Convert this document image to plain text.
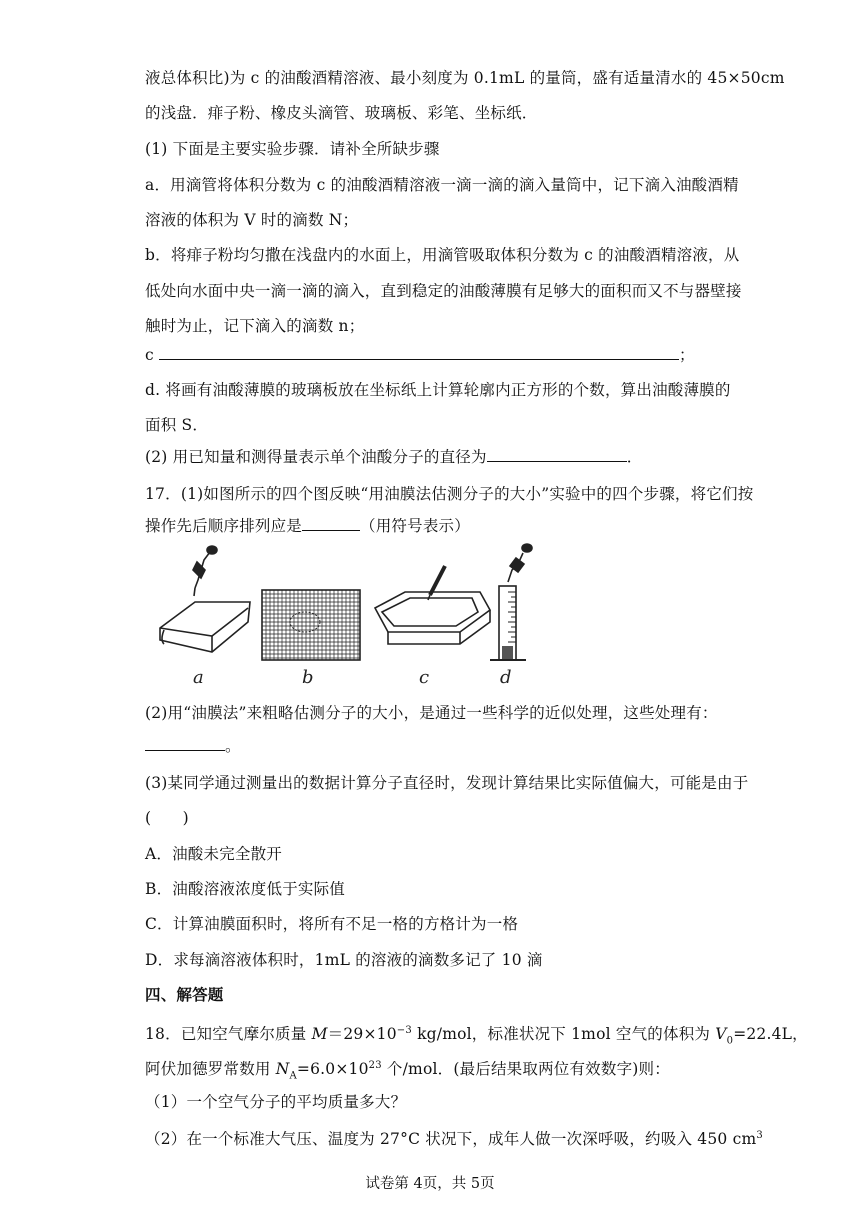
液总体积比)为 c 的油酸酒精溶液、最小刻度为 0.1mL 的量筒，盛有适量清水的 45×50cm
的浅盘．痱子粉、橡皮头滴管、玻璃板、彩笔、坐标纸．
(1) 下面是主要实验步骤．请补全所缺步骤
a．用滴管将体积分数为 c 的油酸酒精溶液一滴一滴的滴入量筒中，记下滴入油酸酒精
溶液的体积为 V 时的滴数 N；
b．将痱子粉均匀撒在浅盘内的水面上，用滴管吸取体积分数为 c 的油酸酒精溶液，从
低处向水面中央一滴一滴的滴入，直到稳定的油酸薄膜有足够大的面积而又不与器壁接
触时为止，记下滴入的滴数 n；
c	；
d. 将画有油酸薄膜的玻璃板放在坐标纸上计算轮廓内正方形的个数，算出油酸薄膜的
面积 S．
(2) 用已知量和测得量表示单个油酸分子的直径为	．
17．(1)如图所示的四个图反映“用油膜法估测分子的大小”实验中的四个步骤，将它们按
操作先后顺序排列应是	（用符号表示）
a	b	c	d
(2)用“油膜法”来粗略估测分子的大小，是通过一些科学的近似处理，这些处理有：
。
(3)某同学通过测量出的数据计算分子直径时，发现计算结果比实际值偏大，可能是由于
(　　)
A．油酸未完全散开
B．油酸溶液浓度低于实际值
C．计算油膜面积时，将所有不足一格的方格计为一格
D．求每滴溶液体积时，1mL 的溶液的滴数多记了 10 滴
四、解答题
18．已知空气摩尔质量 $M=29\times 10^{-3}$ kg/mol，标准状况下 1mol 空气的体积为 $V_0=22.4L$，
阿伏加德罗常数用 $N_A=6.0\times 10^{23}$ 个/mol．(最后结果取两位有效数字)则：
（1）一个空气分子的平均质量多大？
（2）在一个标准大气压、温度为 27°C 状况下，成年人做一次深呼吸，约吸入 450 $cm^3$
试卷第 4页，共 5页
